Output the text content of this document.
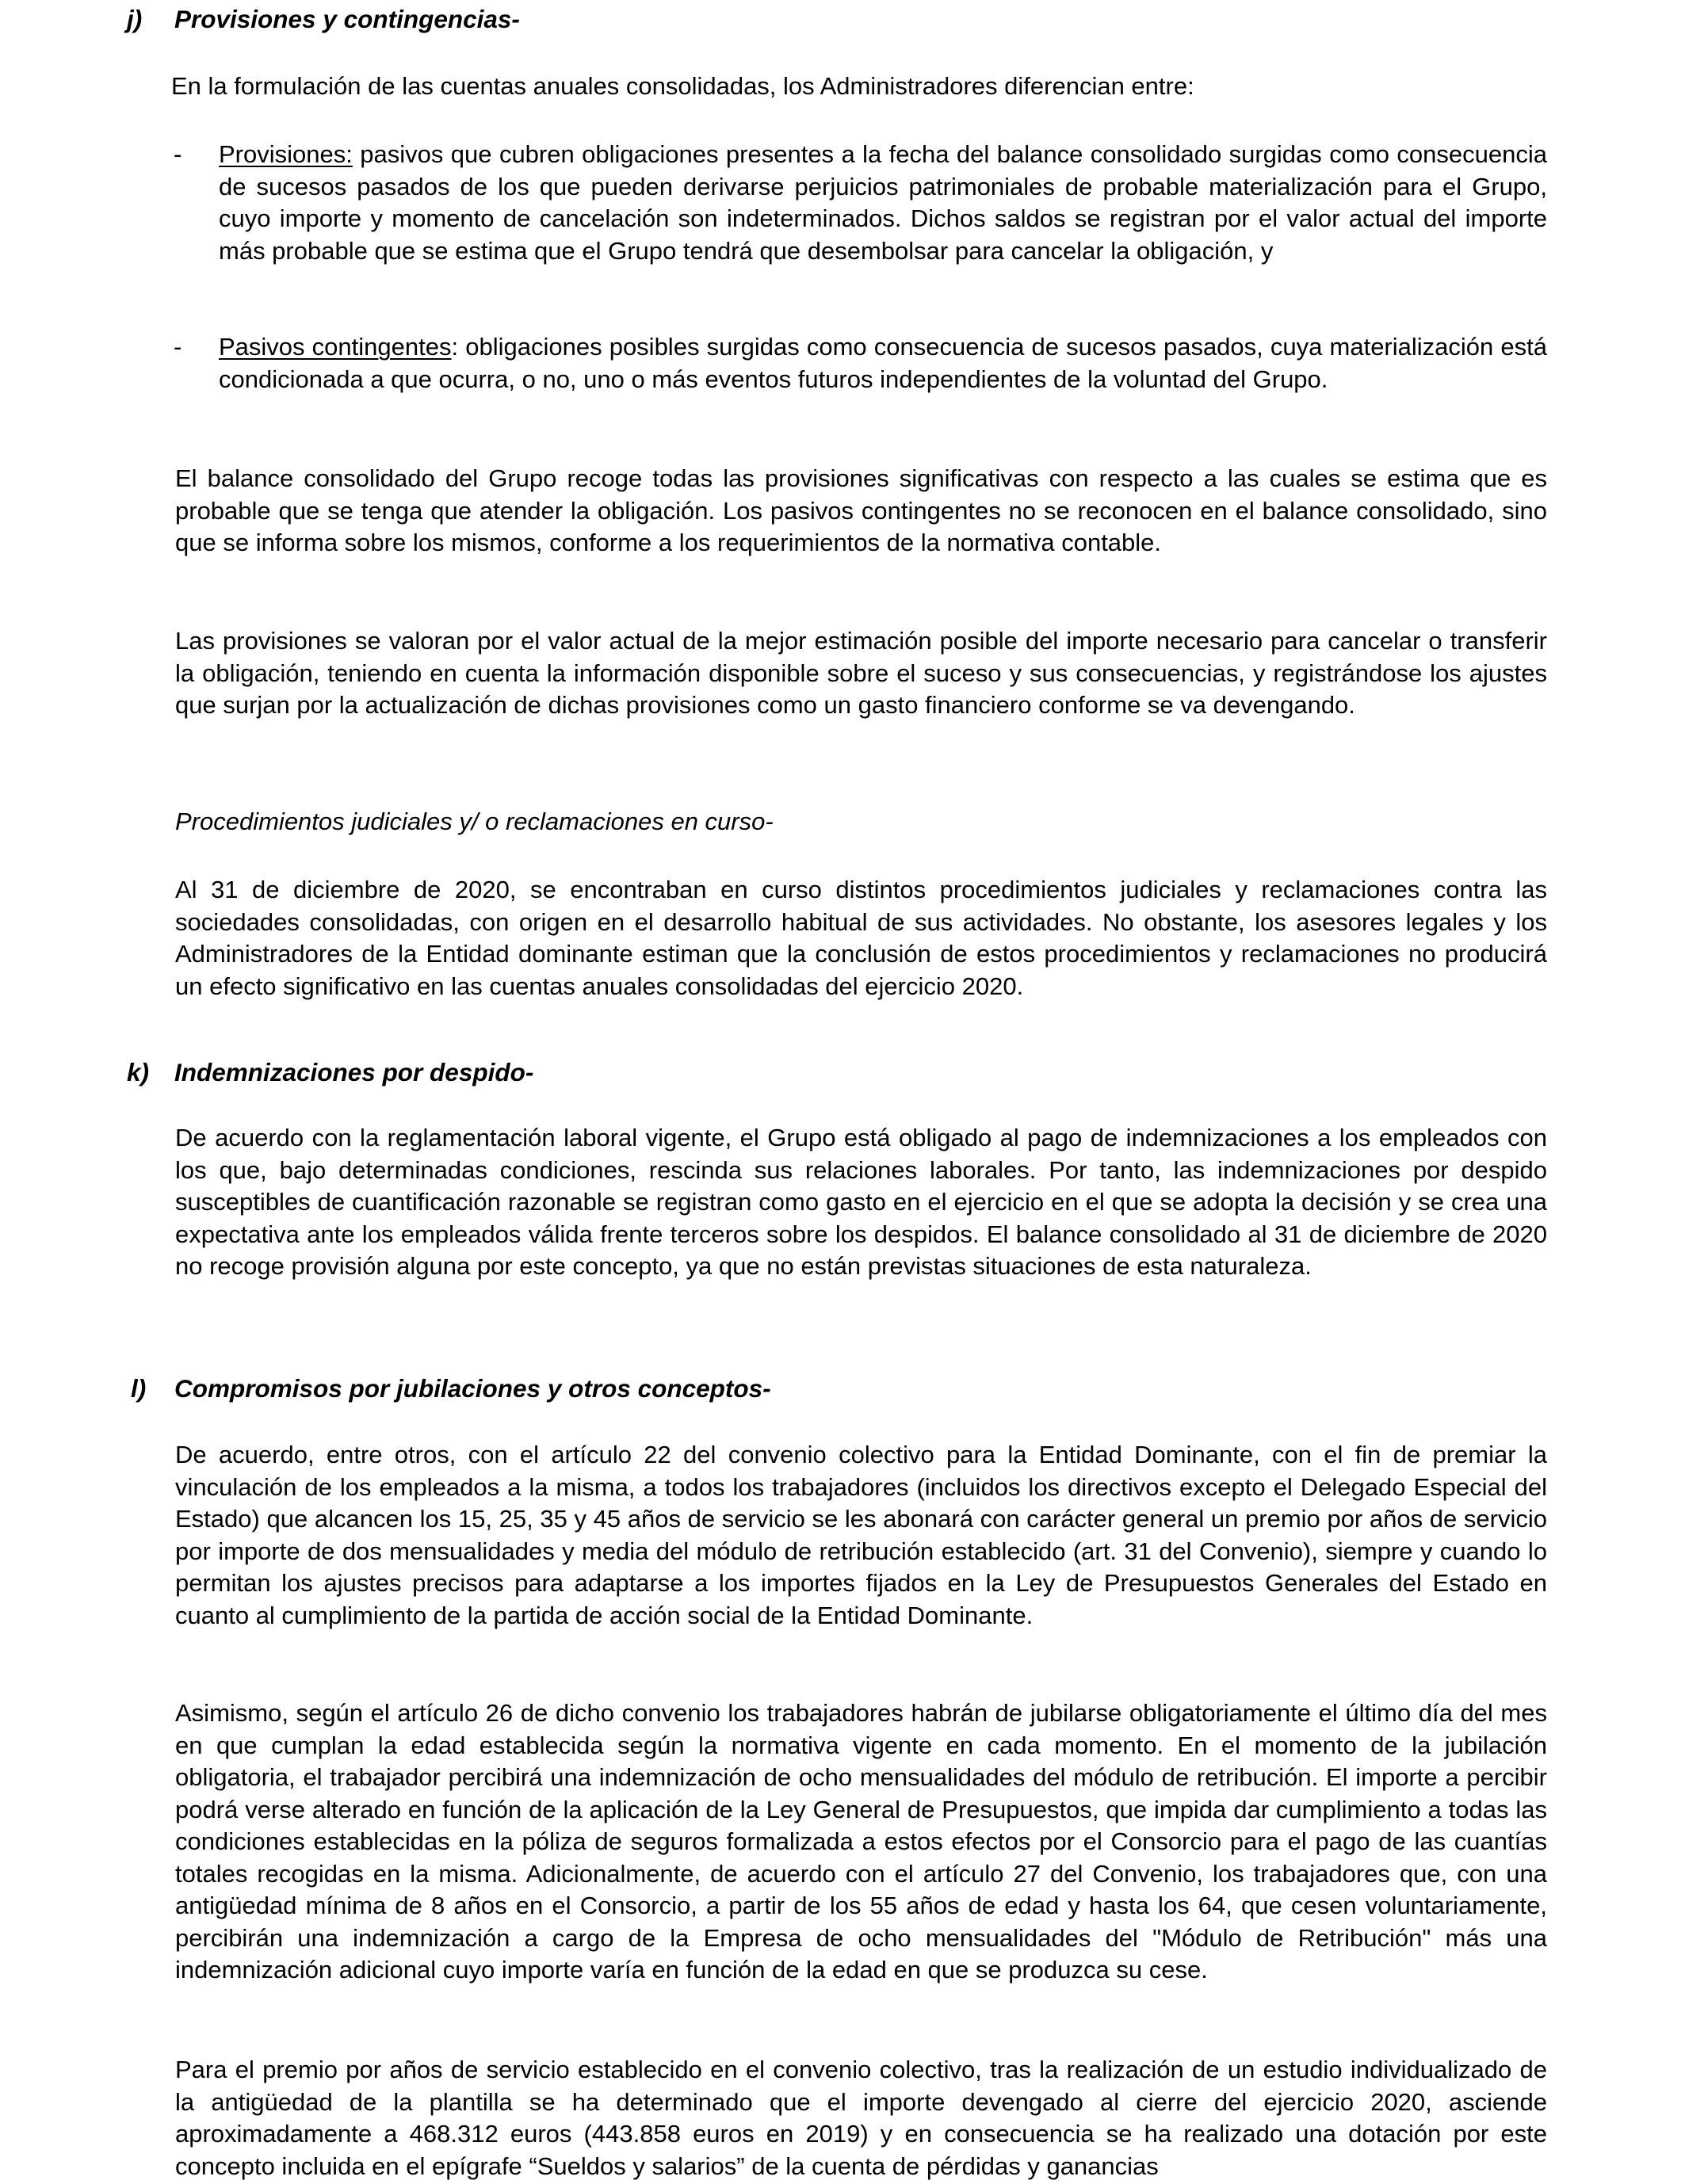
j) Provisiones y contingencias-

En la formulación de las cuentas anuales consolidadas, los Administradores diferencian entre:

- Provisiones: pasivos que cubren obligaciones presentes a la fecha del balance consolidado surgidas como consecuencia de sucesos pasados de los que pueden derivarse perjuicios patrimoniales de probable materialización para el Grupo, cuyo importe y momento de cancelación son indeterminados. Dichos saldos se registran por el valor actual del importe más probable que se estima que el Grupo tendrá que desembolsar para cancelar la obligación, y

- Pasivos contingentes: obligaciones posibles surgidas como consecuencia de sucesos pasados, cuya materialización está condicionada a que ocurra, o no, uno o más eventos futuros independientes de la voluntad del Grupo.

El balance consolidado del Grupo recoge todas las provisiones significativas con respecto a las cuales se estima que es probable que se tenga que atender la obligación. Los pasivos contingentes no se reconocen en el balance consolidado, sino que se informa sobre los mismos, conforme a los requerimientos de la normativa contable.

Las provisiones se valoran por el valor actual de la mejor estimación posible del importe necesario para cancelar o transferir la obligación, teniendo en cuenta la información disponible sobre el suceso y sus consecuencias, y registrándose los ajustes que surjan por la actualización de dichas provisiones como un gasto financiero conforme se va devengando.

Procedimientos judiciales y/ o reclamaciones en curso-

Al 31 de diciembre de 2020, se encontraban en curso distintos procedimientos judiciales y reclamaciones contra las sociedades consolidadas, con origen en el desarrollo habitual de sus actividades. No obstante, los asesores legales y los Administradores de la Entidad dominante estiman que la conclusión de estos procedimientos y reclamaciones no producirá un efecto significativo en las cuentas anuales consolidadas del ejercicio 2020.

k) Indemnizaciones por despido-

De acuerdo con la reglamentación laboral vigente, el Grupo está obligado al pago de indemnizaciones a los empleados con los que, bajo determinadas condiciones, rescinda sus relaciones laborales. Por tanto, las indemnizaciones por despido susceptibles de cuantificación razonable se registran como gasto en el ejercicio en el que se adopta la decisión y se crea una expectativa ante los empleados válida frente terceros sobre los despidos. El balance consolidado al 31 de diciembre de 2020 no recoge provisión alguna por este concepto, ya que no están previstas situaciones de esta naturaleza.

l) Compromisos por jubilaciones y otros conceptos-

De acuerdo, entre otros, con el artículo 22 del convenio colectivo para la Entidad Dominante, con el fin de premiar la vinculación de los empleados a la misma, a todos los trabajadores (incluidos los directivos excepto el Delegado Especial del Estado) que alcancen los 15, 25, 35 y 45 años de servicio se les abonará con carácter general un premio por años de servicio por importe de dos mensualidades y media del módulo de retribución establecido (art. 31 del Convenio), siempre y cuando lo permitan los ajustes precisos para adaptarse a los importes fijados en la Ley de Presupuestos Generales del Estado en cuanto al cumplimiento de la partida de acción social de la Entidad Dominante.

Asimismo, según el artículo 26 de dicho convenio los trabajadores habrán de jubilarse obligatoriamente el último día del mes en que cumplan la edad establecida según la normativa vigente en cada momento. En el momento de la jubilación obligatoria, el trabajador percibirá una indemnización de ocho mensualidades del módulo de retribución. El importe a percibir podrá verse alterado en función de la aplicación de la Ley General de Presupuestos, que impida dar cumplimiento a todas las condiciones establecidas en la póliza de seguros formalizada a estos efectos por el Consorcio para el pago de las cuantías totales recogidas en la misma. Adicionalmente, de acuerdo con el artículo 27 del Convenio, los trabajadores que, con una antigüedad mínima de 8 años en el Consorcio, a partir de los 55 años de edad y hasta los 64, que cesen voluntariamente, percibirán una indemnización a cargo de la Empresa de ocho mensualidades del "Módulo de Retribución" más una indemnización adicional cuyo importe varía en función de la edad en que se produzca su cese.

Para el premio por años de servicio establecido en el convenio colectivo, tras la realización de un estudio individualizado de la antigüedad de la plantilla se ha determinado que el importe devengado al cierre del ejercicio 2020, asciende aproximadamente a 468.312 euros (443.858 euros en 2019) y en consecuencia se ha realizado una dotación por este concepto incluida en el epígrafe “Sueldos y salarios” de la cuenta de pérdidas y ganancias
